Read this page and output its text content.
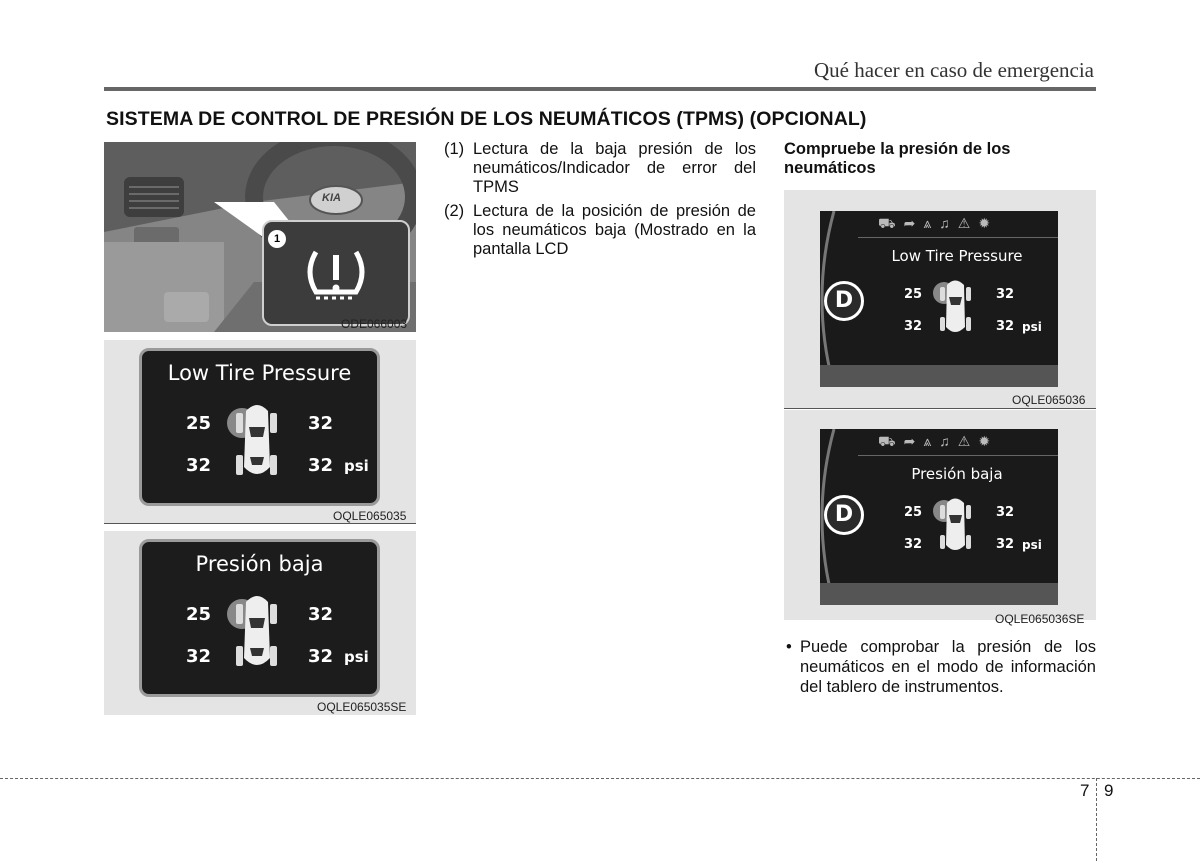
Qué hacer en caso de emergencia
SISTEMA DE CONTROL DE PRESIÓN DE LOS NEUMÁTICOS (TPMS) (OPCIONAL)
KIA
1
ODE066003
Low Tire Pressure
25	32
32	32 psi
OQLE065035
Presión baja
25	32
32	32 psi
OQLE065035SE
(1) Lectura de la baja presión de los neumáticos/Indicador de error del TPMS
(2) Lectura de la posición de presión de los neumáticos baja (Mostrado en la pantalla LCD
Compruebe la presión de los neumáticos
⛟ ➦ ⩓ ♫ ⚠ ✹
Low Tire Pressure
D	25	32
32	32 psi
OQLE065036
⛟ ➦ ⩓ ♫ ⚠ ✹
Presión baja
D	25	32
32	32 psi
OQLE065036SE
• Puede comprobar la presión de los neumáticos en el modo de información del tablero de instrumentos.
7 9
